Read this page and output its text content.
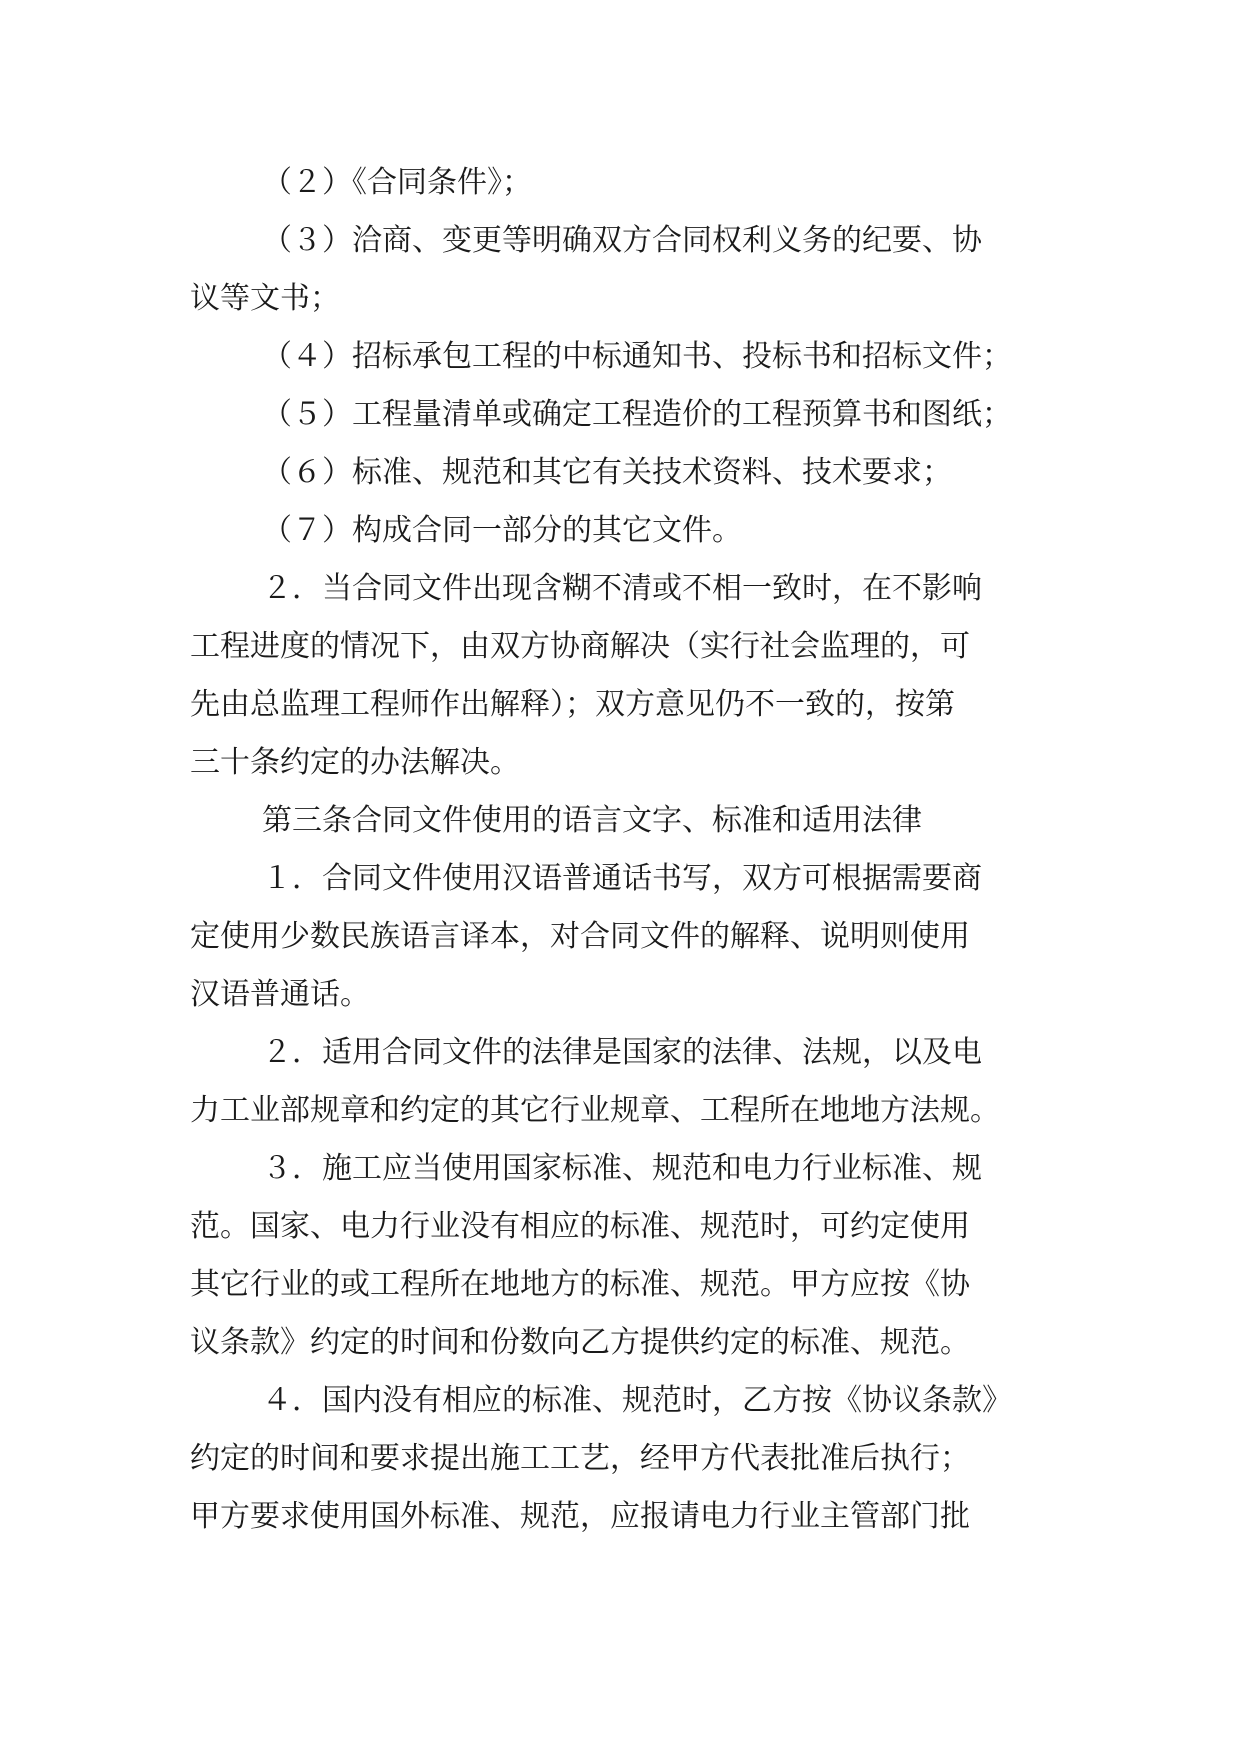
（２）《合同条件》；
（３）洽商、变更等明确双方合同权利义务的纪要、协
议等文书；
（４）招标承包工程的中标通知书、投标书和招标文件；
（５）工程量清单或确定工程造价的工程预算书和图纸；
（６）标准、规范和其它有关技术资料、技术要求；
（７）构成合同一部分的其它文件。
２．当合同文件出现含糊不清或不相一致时，在不影响
工程进度的情况下，由双方协商解决（实行社会监理的，可
先由总监理工程师作出解释）；双方意见仍不一致的，按第
三十条约定的办法解决。
第三条合同文件使用的语言文字、标准和适用法律
１．合同文件使用汉语普通话书写，双方可根据需要商
定使用少数民族语言译本，对合同文件的解释、说明则使用
汉语普通话。
２．适用合同文件的法律是国家的法律、法规，以及电
力工业部规章和约定的其它行业规章、工程所在地地方法规。
３．施工应当使用国家标准、规范和电力行业标准、规
范。国家、电力行业没有相应的标准、规范时，可约定使用
其它行业的或工程所在地地方的标准、规范。甲方应按《协
议条款》约定的时间和份数向乙方提供约定的标准、规范。
４．国内没有相应的标准、规范时，乙方按《协议条款》
约定的时间和要求提出施工工艺，经甲方代表批准后执行；
甲方要求使用国外标准、规范，应报请电力行业主管部门批
